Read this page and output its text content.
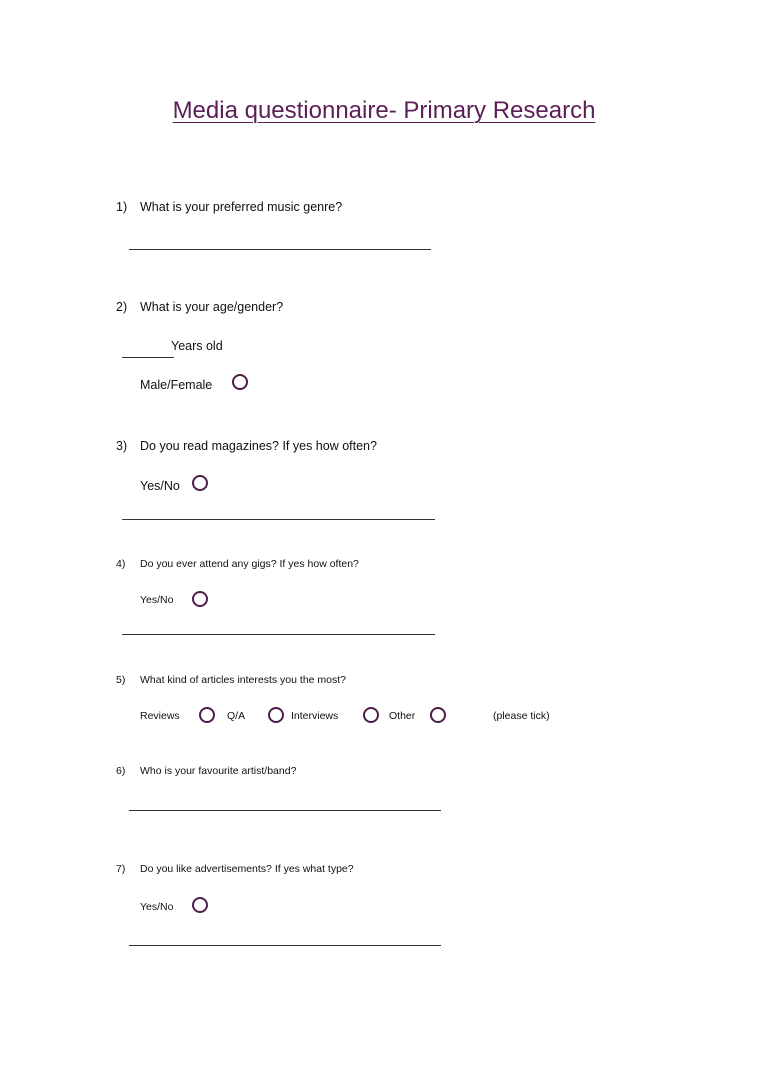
Media questionnaire- Primary Research
1) What is your preferred music genre?
2) What is your age/gender?
Years old
Male/Female
3) Do you read magazines? If yes how often?
Yes/No
4) Do you ever attend any gigs? If yes how often?
Yes/No
5) What kind of articles interests you the most?
Reviews	Q/A	Interviews	Other	(please tick)
6) Who is your favourite artist/band?
7) Do you like advertisements? If yes what type?
Yes/No
